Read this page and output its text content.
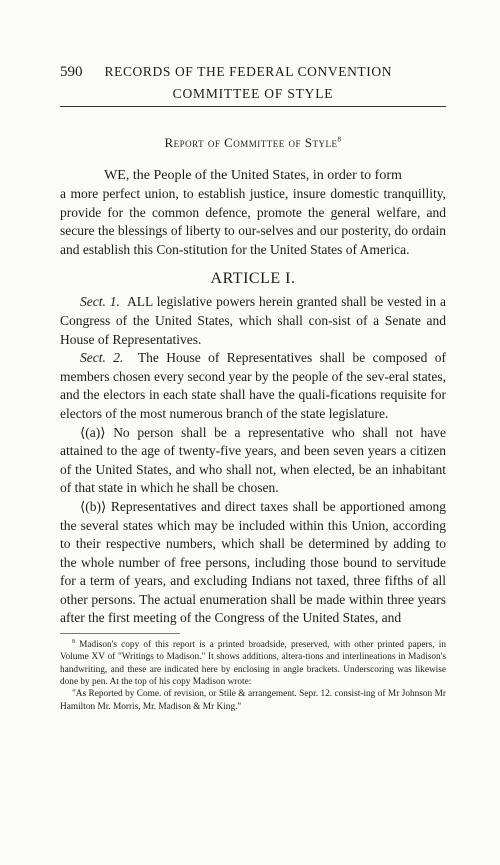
590 RECORDS OF THE FEDERAL CONVENTION
COMMITTEE OF STYLE
Report of Committee of Style$^8$
WE, the People of the United States, in order to form

a more perfect union, to establish justice, insure domestic tranquillity, provide for the common defence, promote the general welfare, and secure the blessings of liberty to our-selves and our posterity, do ordain and establish this Con-stitution for the United States of America.

ARTICLE I.

Sect. 1. ALL legislative powers herein granted shall be vested in a Congress of the United States, which shall con-sist of a Senate and House of Representatives.

Sect. 2. The House of Representatives shall be composed of members chosen every second year by the people of the sev-eral states, and the electors in each state shall have the quali-fications requisite for electors of the most numerous branch of the state legislature.

⟨(a)⟩ No person shall be a representative who shall not have attained to the age of twenty-five years, and been seven years a citizen of the United States, and who shall not, when elected, be an inhabitant of that state in which he shall be chosen.

⟨(b)⟩ Representatives and direct taxes shall be apportioned among the several states which may be included within this Union, according to their respective numbers, which shall be determined by adding to the whole number of free persons, including those bound to servitude for a term of years, and excluding Indians not taxed, three fifths of all other persons. The actual enumeration shall be made within three years after the first meeting of the Congress of the United States, and

$^8$ Madison's copy of this report is a printed broadside, preserved, with other printed papers, in Volume XV of "Writings to Madison." It shows additions, altera-tions and interlineations in Madison's handwriting, and these are indicated here by enclosing in angle brackets. Underscoring was likewise done by pen. At the top of his copy Madison wrote:

"As Reported by Come. of revision, or Stile & arrangement. Sepr. 12. consist-ing of Mr Johnson Mr Hamilton Mr. Morris, Mr. Madison & Mr King."
